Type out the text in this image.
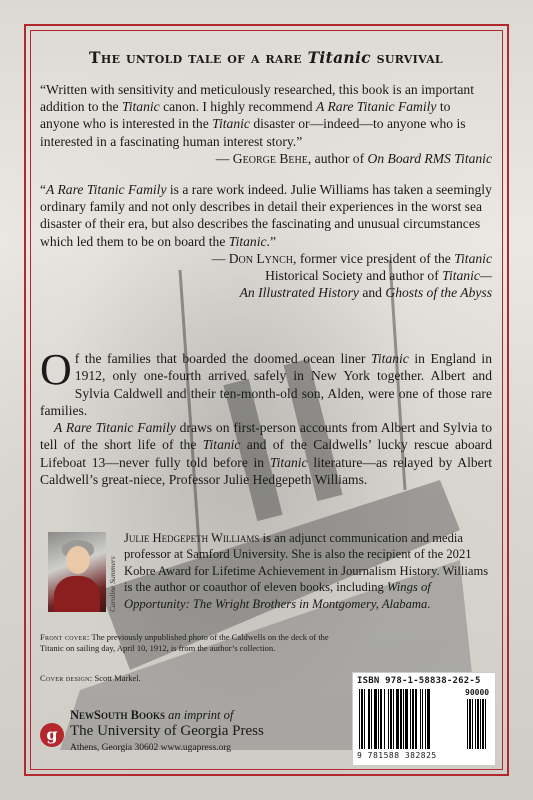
The untold tale of a rare Titanic survival

“Written with sensitivity and meticulously researched, this book is an important addition to the Titanic canon. I highly recommend A Rare Titanic Family to anyone who is interested in the Titanic disaster or—indeed—to anyone who is interested in a fascinating human interest story.”

— George Behe, author of On Board RMS Titanic

“A Rare Titanic Family is a rare work indeed. Julie Williams has taken a seemingly ordinary family and not only describes in detail their experiences in the worst sea disaster of their era, but also describes the fascinating and unusual circumstances which led them to be on board the Titanic.”

— Don Lynch, former vice president of the Titanic
Historical Society and author of Titanic—
An Illustrated History and Ghosts of the Abyss

Of the families that boarded the doomed ocean liner Titanic in England in 1912, only one-fourth arrived safely in New York together. Albert and Sylvia Caldwell and their ten-month-old son, Alden, were one of those rare families.

A Rare Titanic Family draws on first-person accounts from Albert and Sylvia to tell of the short life of the Titanic and of the Caldwells’ lucky rescue aboard Lifeboat 13—never fully told before in Titanic literature—as relayed by Albert Caldwell’s great-niece, Professor Julie Hedgepeth Williams.

Caroline Summers

Julie Hedgepeth Williams is an adjunct communication and media professor at Samford University. She is also the recipient of the 2021 Kobre Award for Lifetime Achievement in Journalism History. Williams is the author or coauthor of eleven books, including Wings of Opportunity: The Wright Brothers in Montgomery, Alabama.

Front cover: The previously unpublished photo of the Caldwells on the deck of the Titanic on sailing day, April 10, 1912, is from the author’s collection.
Cover design: Scott Markel.
g
NewSouth Books an imprint of
The University of Georgia Press
Athens, Georgia 30602 www.ugapress.org
ISBN 978-1-58838-262-5
90000
9 781588 382825
